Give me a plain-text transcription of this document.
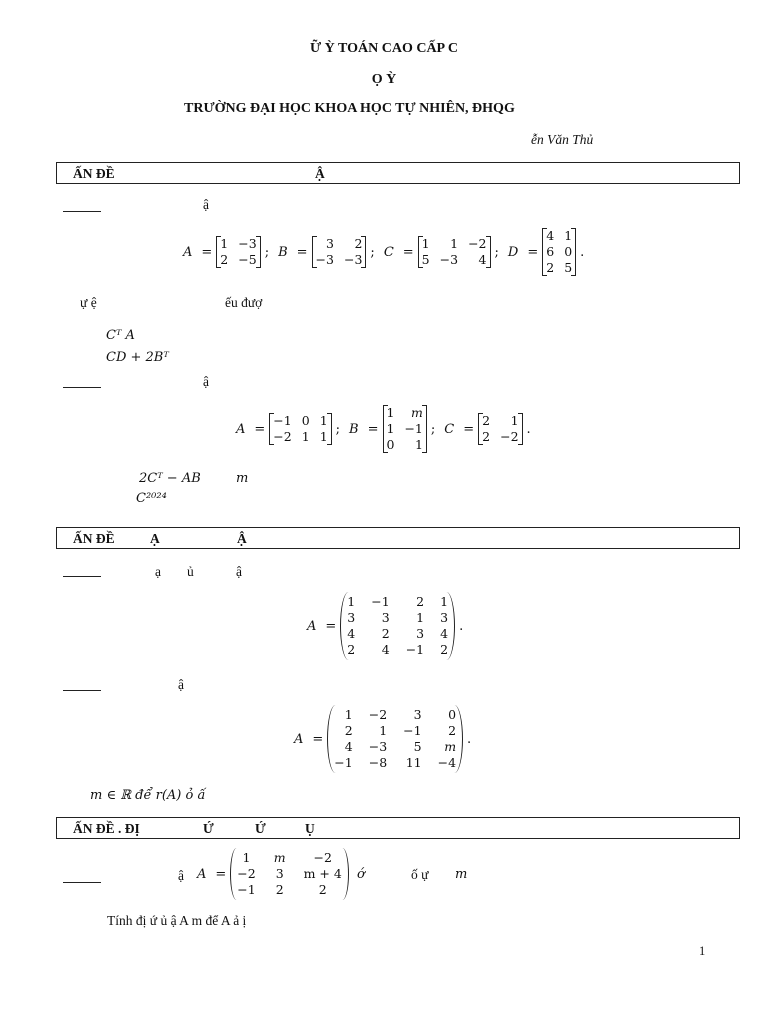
Ữ Ỳ TOÁN CAO CẤP C
Ọ Ỳ
TRƯỜNG ĐẠI HỌC KHOA HỌC TỰ NHIÊN, ĐHQG
ễn Văn Thủ
ẤN ĐỀ	Ậ
ậ
A =
1 −3
2 −5 ; B =
3	2
−3 −3 ; C =
1	1 −2
5 −3	4 ; D =
4 1
6 0
2 5
.
ự ệ	ếu đượ
Cᵀ A
CD + 2Bᵀ
ậ
A =
−1 0 1
−2 1 1 ; B =
1	m
1 −1
0	1
; C =
2	1
2 −2 .
2Cᵀ − AB	m
C²⁰²⁴
ẤN ĐỀ	Ạ	Ậ
ạ ủ	ậ
A =
1 −1	2 1
3	3	1 3
4	2	3 4
2	4 −1 2
.
ậ
A =
1 −2	3	0
2	1 −1	2
4 −3	5	m
−1 −8 11 −4
.
m ∈ ℝ để r(A) ỏ ấ
ẤN ĐỀ . ĐỊ	Ứ	Ứ	Ụ
ậ A =
1	m	−2
−2 3 m + 4
−1 2	2
ớ	ố ự m
Tính đị ứ ủ ậ A m để A ả ị
1
